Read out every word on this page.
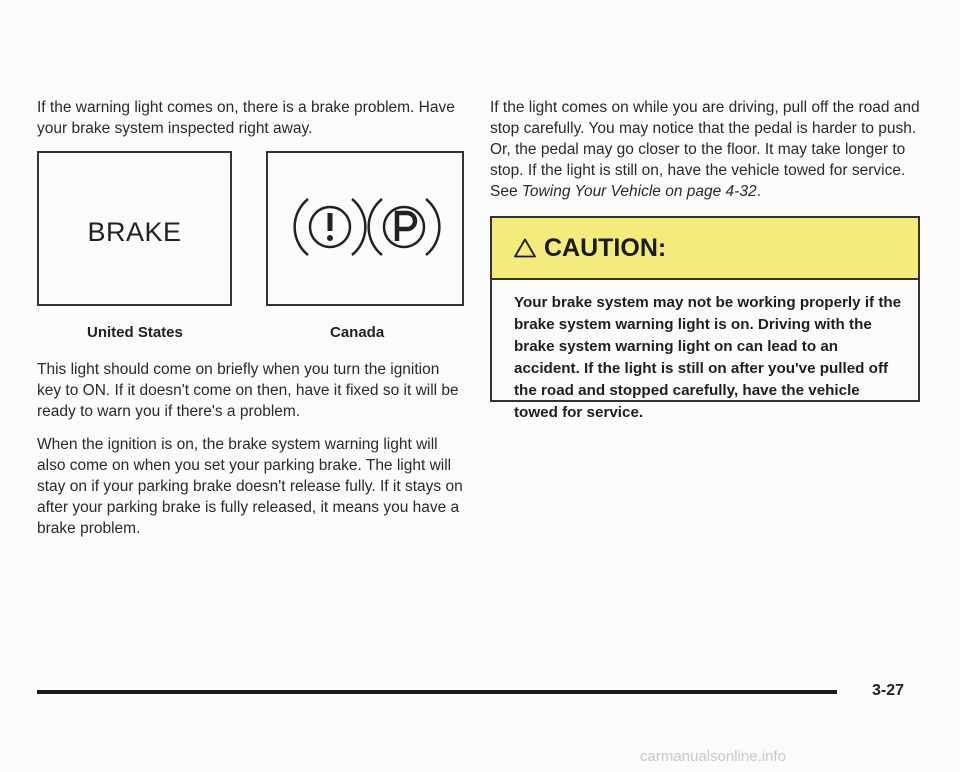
If the warning light comes on, there is a brake problem. Have your brake system inspected right away.

BRAKE
United States	Canada

This light should come on briefly when you turn the ignition key to ON. If it doesn't come on then, have it fixed so it will be ready to warn you if there's a problem.

When the ignition is on, the brake system warning light will also come on when you set your parking brake. The light will stay on if your parking brake doesn't release fully. If it stays on after your parking brake is fully released, it means you have a brake problem.

If the light comes on while you are driving, pull off the road and stop carefully. You may notice that the pedal is harder to push. Or, the pedal may go closer to the floor. It may take longer to stop. If the light is still on, have the vehicle towed for service. See Towing Your Vehicle on page 4-32.

CAUTION:
Your brake system may not be working properly if the brake system warning light is on. Driving with the brake system warning light on can lead to an accident. If the light is still on after you've pulled off the road and stopped carefully, have the vehicle towed for service.
3-27
carmanualsonline.info
